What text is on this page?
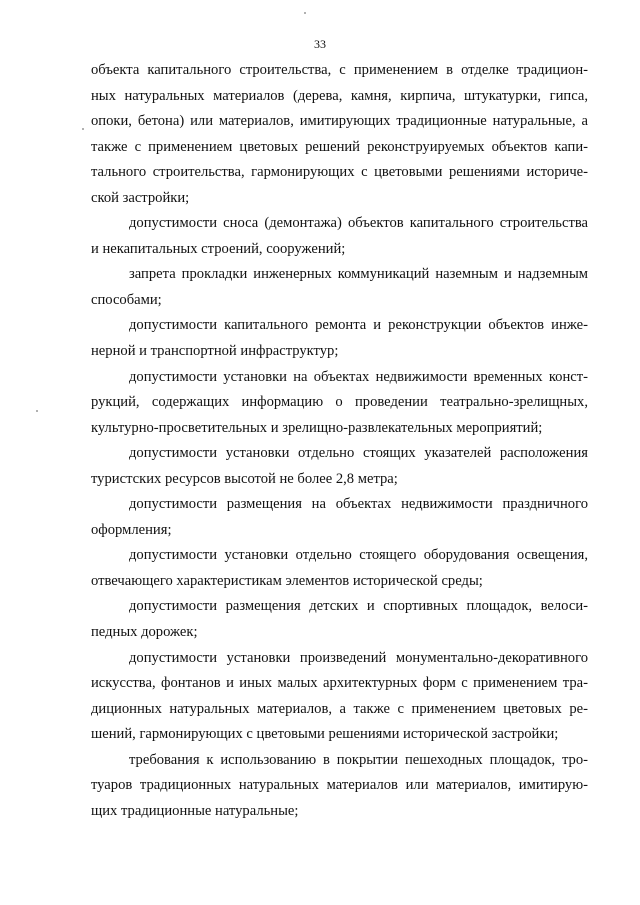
33

объекта капитального строительства, с применением в отделке традицион-
ных натуральных материалов (дерева, камня, кирпича, штукатурки, гипса,
опоки, бетона) или материалов, имитирующих традиционные натуральные, а
также с применением цветовых решений реконструируемых объектов капи-
тального строительства, гармонирующих с цветовыми решениями историче-
ской застройки;

допустимости сноса (демонтажа) объектов капитального строительства
и некапитальных строений, сооружений;

запрета прокладки инженерных коммуникаций наземным и надземным
способами;

допустимости капитального ремонта и реконструкции объектов инже-
нерной и транспортной инфраструктур;

допустимости установки на объектах недвижимости временных конст-
рукций, содержащих информацию о проведении театрально-зрелищных,
культурно-просветительных и зрелищно-развлекательных мероприятий;

допустимости установки отдельно стоящих указателей расположения
туристских ресурсов высотой не более 2,8 метра;

допустимости размещения на объектах недвижимости праздничного
оформления;

допустимости установки отдельно стоящего оборудования освещения,
отвечающего характеристикам элементов исторической среды;

допустимости размещения детских и спортивных площадок, велоси-
педных дорожек;

допустимости установки произведений монументально-декоративного
искусства, фонтанов и иных малых архитектурных форм с применением тра-
диционных натуральных материалов, а также с применением цветовых ре-
шений, гармонирующих с цветовыми решениями исторической застройки;

требования к использованию в покрытии пешеходных площадок, тро-
туаров традиционных натуральных материалов или материалов, имитирую-
щих традиционные натуральные;
